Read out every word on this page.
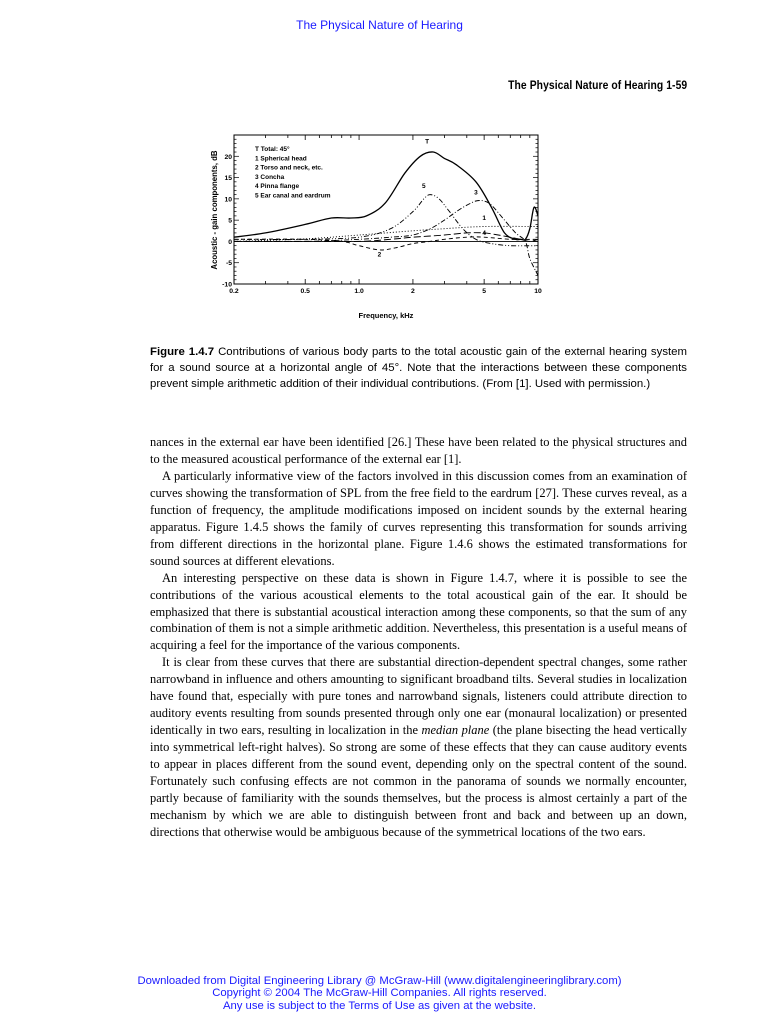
The Physical Nature of Hearing
The Physical Nature of Hearing 1-59
0.2	0.5	1.0	2	5	10
20
15
10
5
0
-5
-10
Frequency, kHz
Acoustic - gain components, dB
T Total: 45°
1 Spherical head
2 Torso and neck, etc.
3 Concha
4 Pinna flange
5 Ear canal and eardrum
T
1
2
3
4
5
Figure 1.4.7 Contributions of various body parts to the total acoustic gain of the external hearing system for a sound source at a horizontal angle of 45°. Note that the interactions between these components prevent simple arithmetic addition of their individual contributions. (From [1]. Used with permission.)

nances in the external ear have been identified [26.] These have been related to the physical structures and to the measured acoustical performance of the external ear [1].

A particularly informative view of the factors involved in this discussion comes from an examination of curves showing the transformation of SPL from the free field to the eardrum [27]. These curves reveal, as a function of frequency, the amplitude modifications imposed on incident sounds by the external hearing apparatus. Figure 1.4.5 shows the family of curves representing this transformation for sounds arriving from different directions in the horizontal plane. Figure 1.4.6 shows the estimated transformations for sound sources at different elevations.

An interesting perspective on these data is shown in Figure 1.4.7, where it is possible to see the contributions of the various acoustical elements to the total acoustical gain of the ear. It should be emphasized that there is substantial acoustical interaction among these components, so that the sum of any combination of them is not a simple arithmetic addition. Nevertheless, this presentation is a useful means of acquiring a feel for the importance of the various components.

It is clear from these curves that there are substantial direction-dependent spectral changes, some rather narrowband in influence and others amounting to significant broadband tilts. Several studies in localization have found that, especially with pure tones and narrowband signals, listeners could attribute direction to auditory events resulting from sounds presented through only one ear (monaural localization) or presented identically in two ears, resulting in localization in the median plane (the plane bisecting the head vertically into symmetrical left-right halves). So strong are some of these effects that they can cause auditory events to appear in places different from the sound event, depending only on the spectral content of the sound. Fortunately such confusing effects are not common in the panorama of sounds we normally encounter, partly because of familiarity with the sounds themselves, but the process is almost certainly a part of the mechanism by which we are able to distinguish between front and back and between up an down, directions that otherwise would be ambiguous because of the symmetrical locations of the two ears.

Downloaded from Digital Engineering Library @ McGraw-Hill (www.digitalengineeringlibrary.com)
Copyright © 2004 The McGraw-Hill Companies. All rights reserved.
Any use is subject to the Terms of Use as given at the website.
